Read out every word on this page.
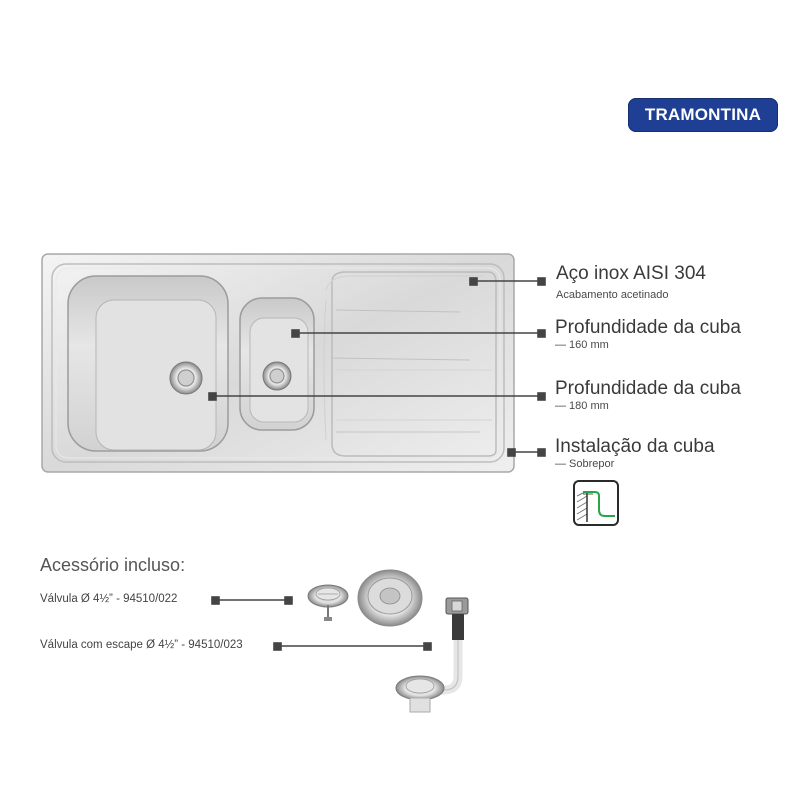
TRAMONTINA
Aço inox AISI 304
Acabamento acetinado
Profundidade da cuba
— 160 mm
Profundidade da cuba
— 180 mm
Instalação da cuba
— Sobrepor
Acessório incluso:
Válvula Ø 4½” - 94510/022
Válvula com escape Ø 4½” - 94510/023
